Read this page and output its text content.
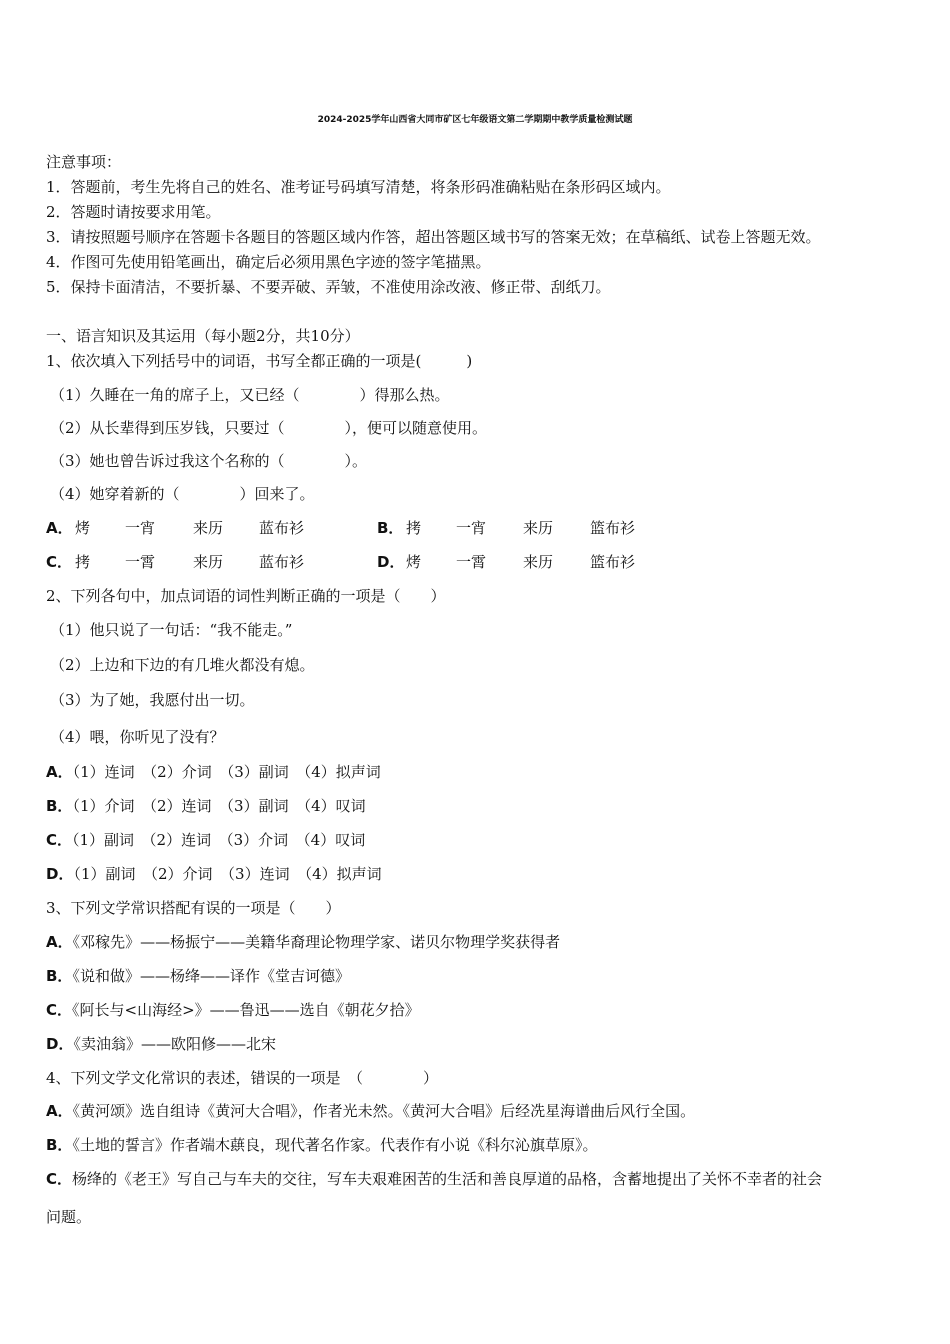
2024-2025学年山西省大同市矿区七年级语文第二学期期中教学质量检测试题
注意事项：
1．答题前，考生先将自己的姓名、准考证号码填写清楚，将条形码准确粘贴在条形码区域内。
2．答题时请按要求用笔。
3．请按照题号顺序在答题卡各题目的答题区域内作答，超出答题区域书写的答案无效；在草稿纸、试卷上答题无效。
4．作图可先使用铅笔画出，确定后必须用黑色字迹的签字笔描黑。
5．保持卡面清洁，不要折暴、不要弄破、弄皱，不准使用涂改液、修正带、刮纸刀。
一、语言知识及其运用（每小题2分，共10分）
1、依次填入下列括号中的词语，书写全都正确的一项是(　　　)
（1）久睡在一角的席子上，又已经（　　　　）得那么热。
（2）从长辈得到压岁钱，只要过（　　　　），便可以随意使用。
（3）她也曾告诉过我这个名称的（　　　　）。
（4）她穿着新的（　　　　）回来了。
A． 烤 一宵	来历 蓝布衫	B． 拷 一宵 来历 篮布衫
C． 拷 一霄	来历 蓝布衫	D． 烤 一霄 来历 篮布衫
2、下列各句中，加点词语的词性判断正确的一项是（　　）
（1）他只说了一句话：“我不能走。”
（2）上边和下边的有几堆火都没有熄。
（3）为了她，我愿付出一切。
（4）喂，你听见了没有？
A．（1）连词　（2）介词　（3）副词　（4）拟声词
B．（1）介词　（2）连词　（3）副词　（4）叹词
C．（1）副词　（2）连词　（3）介词　（4）叹词
D．（1）副词　（2）介词　（3）连词　（4）拟声词
3、下列文学常识搭配有误的一项是（　　）
A．《邓稼先》——杨振宁——美籍华裔理论物理学家、诺贝尔物理学奖获得者
B．《说和做》——杨绛——译作《堂吉诃德》
C．《阿长与<山海经>》——鲁迅——选自《朝花夕拾》
D．《卖油翁》——欧阳修——北宋
4、下列文学文化常识的表述，错误的一项是　（　　　　）
A．《黄河颂》选自组诗《黄河大合唱》，作者光未然。《黄河大合唱》后经冼星海谱曲后风行全国。
B．《土地的誓言》作者端木蕻良，现代著名作家。代表作有小说《科尔沁旗草原》。
C．杨绛的《老王》写自己与车夫的交往，写车夫艰难困苦的生活和善良厚道的品格，含蓄地提出了关怀不幸者的社会
问题。
